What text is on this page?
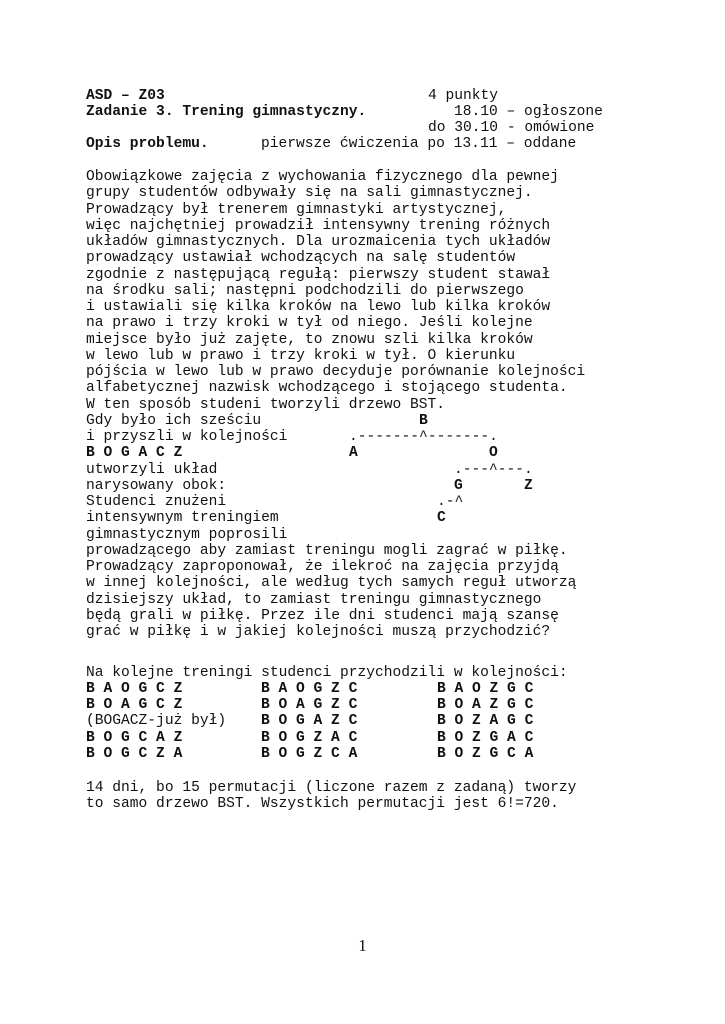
ASD – Z03	4 punkty
Zadanie 3. Trening gimnastyczny.	18.10 – ogłoszone
do 30.10 - omówione
Opis problemu.	pierwsze ćwiczenia po 13.11 – oddane
Obowiązkowe zajęcia z wychowania fizycznego dla pewnej
grupy studentów odbywały się na sali gimnastycznej.
Prowadzący był trenerem gimnastyki artystycznej,
więc najchętniej prowadził intensywny trening różnych
układów gimnastycznych. Dla urozmaicenia tych układów
prowadzący ustawiał wchodzących na salę studentów
zgodnie z następującą regułą: pierwszy student stawał
na środku sali; następni podchodzili do pierwszego
i ustawiali się kilka kroków na lewo lub kilka kroków
na prawo i trzy kroki w tył od niego. Jeśli kolejne
miejsce było już zajęte, to znowu szli kilka kroków
w lewo lub w prawo i trzy kroki w tył. O kierunku
pójścia w lewo lub w prawo decyduje porównanie kolejności
alfabetycznej nazwisk wchodzącego i stojącego studenta.
W ten sposób studeni tworzyli drzewo BST.
Gdy było ich sześciu
i przyszli w kolejności
B O G A C Z
utworzyli układ
narysowany obok:
Studenci znużeni
intensywnym treningiem
gimnastycznym poprosili
B
.-------^-------.
A	O
.---^---.
G	Z
.-^
C
prowadzącego aby zamiast treningu mogli zagrać w piłkę.
Prowadzący zaproponował, że ilekroć na zajęcia przyjdą
w innej kolejności, ale według tych samych reguł utworzą
dzisiejszy układ, to zamiast treningu gimnastycznego
będą grali w piłkę. Przez ile dni studenci mają szansę
grać w piłkę i w jakiej kolejności muszą przychodzić?
Na kolejne treningi studenci przychodzili w kolejności:
B A O G C Z	B A O G Z C	B A O Z G C
B O A G C Z	B O A G Z C	B O A Z G C
(BOGACZ-już był) B O G A Z C	B O Z A G C
B O G C A Z	B O G Z A C	B O Z G A C
B O G C Z A	B O G Z C A	B O Z G C A
14 dni, bo 15 permutacji (liczone razem z zadaną) tworzy
to samo drzewo BST. Wszystkich permutacji jest 6!=720.
1
